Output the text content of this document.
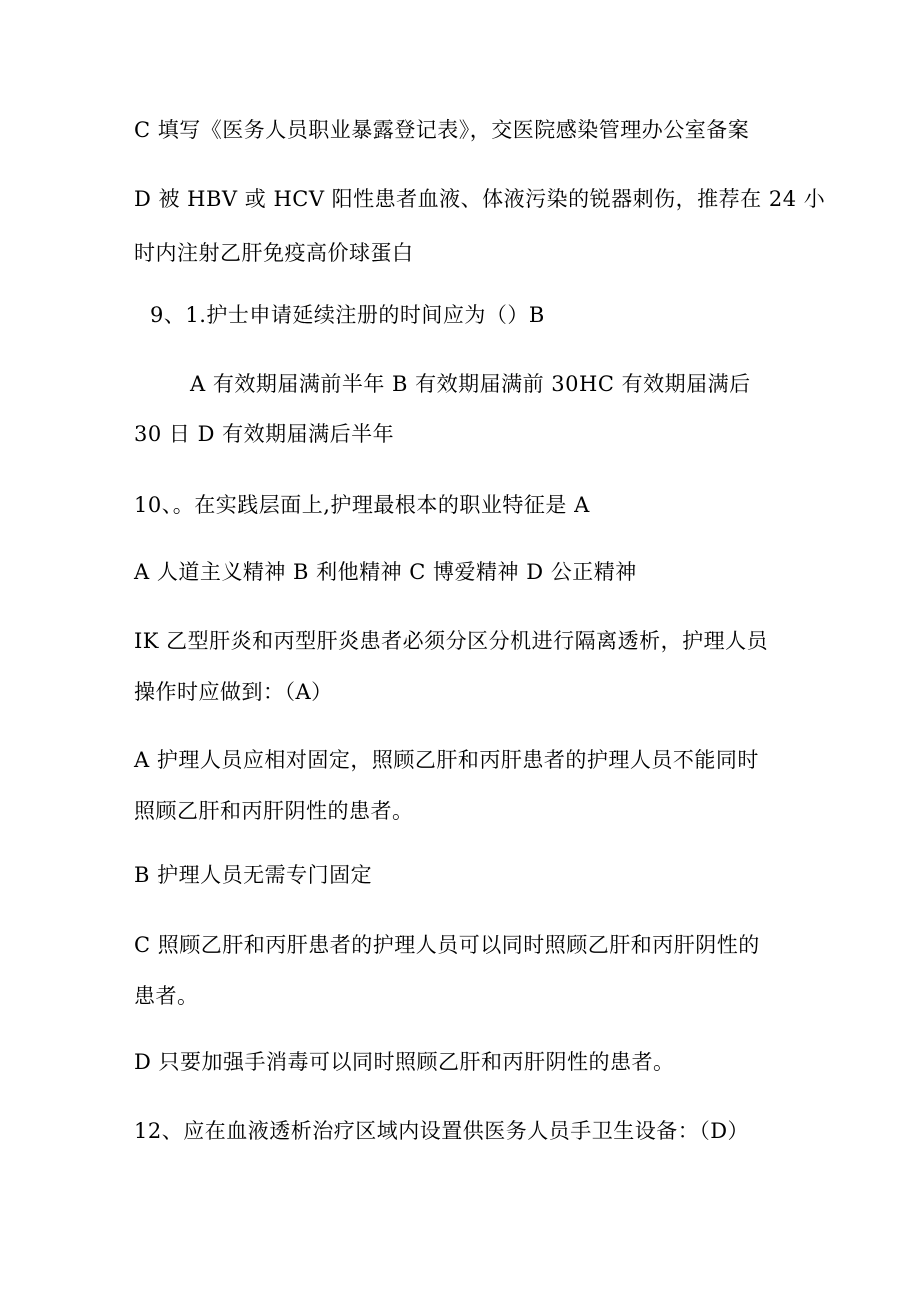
C 填写《医务人员职业暴露登记表》，交医院感染管理办公室备案
D 被 HBV 或 HCV 阳性患者血液、体液污染的锐器刺伤，推荐在 24 小
时内注射乙肝免疫高价球蛋白
9、1.护士申请延续注册的时间应为（）B
A 有效期届满前半年 B 有效期届满前 30HC 有效期届满后
30 日 D 有效期届满后半年
10、。在实践层面上,护理最根本的职业特征是 A
A 人道主义精神 B 利他精神 C 博爱精神 D 公正精神
IK 乙型肝炎和丙型肝炎患者必须分区分机进行隔离透析，护理人员
操作时应做到：（A）
A 护理人员应相对固定，照顾乙肝和丙肝患者的护理人员不能同时
照顾乙肝和丙肝阴性的患者。
B 护理人员无需专门固定
C 照顾乙肝和丙肝患者的护理人员可以同时照顾乙肝和丙肝阴性的
患者。
D 只要加强手消毒可以同时照顾乙肝和丙肝阴性的患者。
12、应在血液透析治疗区域内设置供医务人员手卫生设备：（D）
